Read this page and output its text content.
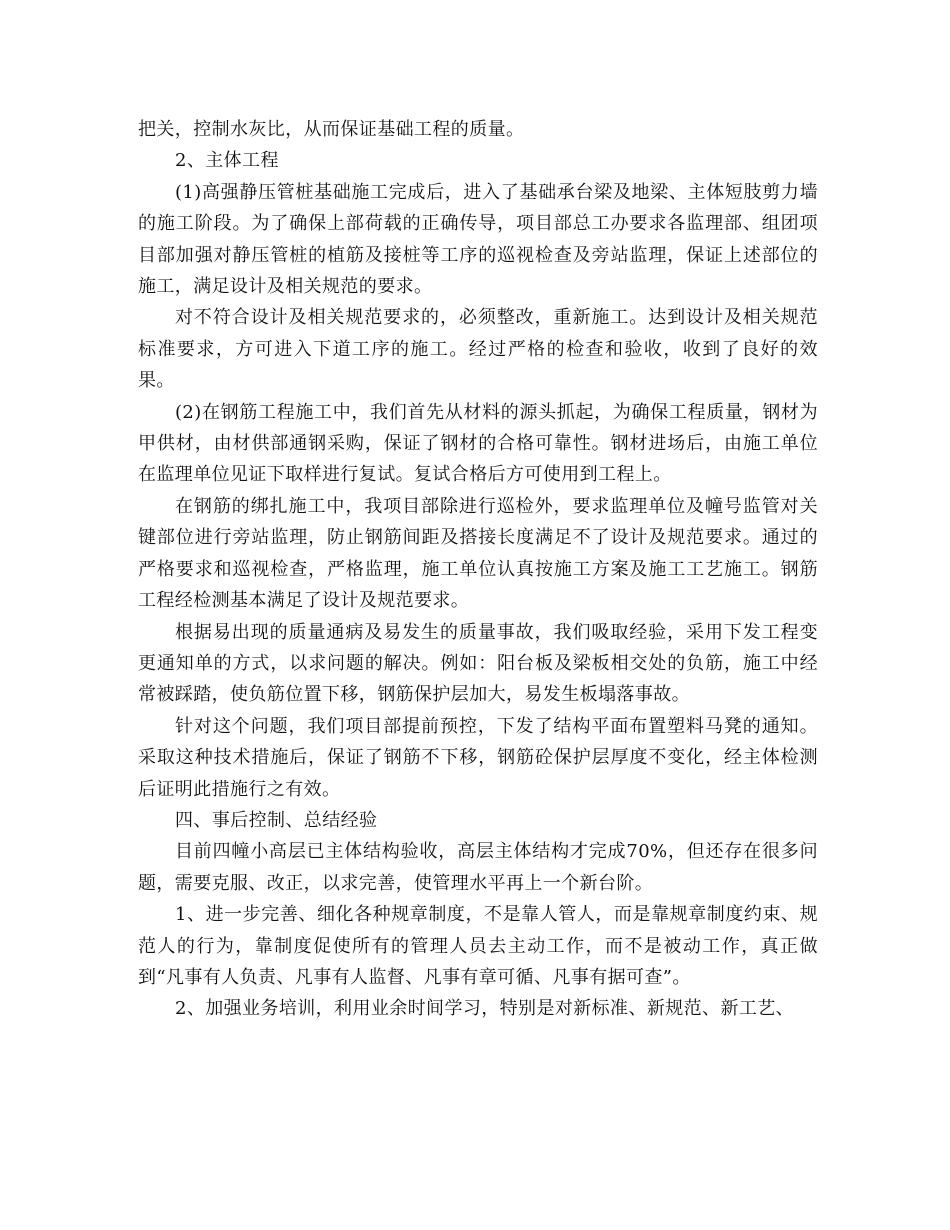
把关，控制水灰比，从而保证基础工程的质量。

2、主体工程

(1)高强静压管桩基础施工完成后，进入了基础承台梁及地梁、主体短肢剪力墙的施工阶段。为了确保上部荷载的正确传导，项目部总工办要求各监理部、组团项目部加强对静压管桩的植筋及接桩等工序的巡视检查及旁站监理，保证上述部位的施工，满足设计及相关规范的要求。

对不符合设计及相关规范要求的，必须整改，重新施工。达到设计及相关规范标准要求，方可进入下道工序的施工。经过严格的检查和验收，收到了良好的效果。

(2)在钢筋工程施工中，我们首先从材料的源头抓起，为确保工程质量，钢材为甲供材，由材供部通钢采购，保证了钢材的合格可靠性。钢材进场后，由施工单位在监理单位见证下取样进行复试。复试合格后方可使用到工程上。

在钢筋的绑扎施工中，我项目部除进行巡检外，要求监理单位及幢号监管对关键部位进行旁站监理，防止钢筋间距及搭接长度满足不了设计及规范要求。通过的严格要求和巡视检查，严格监理，施工单位认真按施工方案及施工工艺施工。钢筋工程经检测基本满足了设计及规范要求。

根据易出现的质量通病及易发生的质量事故，我们吸取经验，采用下发工程变更通知单的方式，以求问题的解决。例如：阳台板及梁板相交处的负筋，施工中经常被踩踏，使负筋位置下移，钢筋保护层加大，易发生板塌落事故。

针对这个问题，我们项目部提前预控，下发了结构平面布置塑料马凳的通知。采取这种技术措施后，保证了钢筋不下移，钢筋砼保护层厚度不变化，经主体检测后证明此措施行之有效。

四、事后控制、总结经验

目前四幢小高层已主体结构验收，高层主体结构才完成70%，但还存在很多问题，需要克服、改正，以求完善，使管理水平再上一个新台阶。

1、进一步完善、细化各种规章制度，不是靠人管人，而是靠规章制度约束、规范人的行为，靠制度促使所有的管理人员去主动工作，而不是被动工作，真正做到“凡事有人负责、凡事有人监督、凡事有章可循、凡事有据可查”。

2、加强业务培训，利用业余时间学习，特别是对新标准、新规范、新工艺、
